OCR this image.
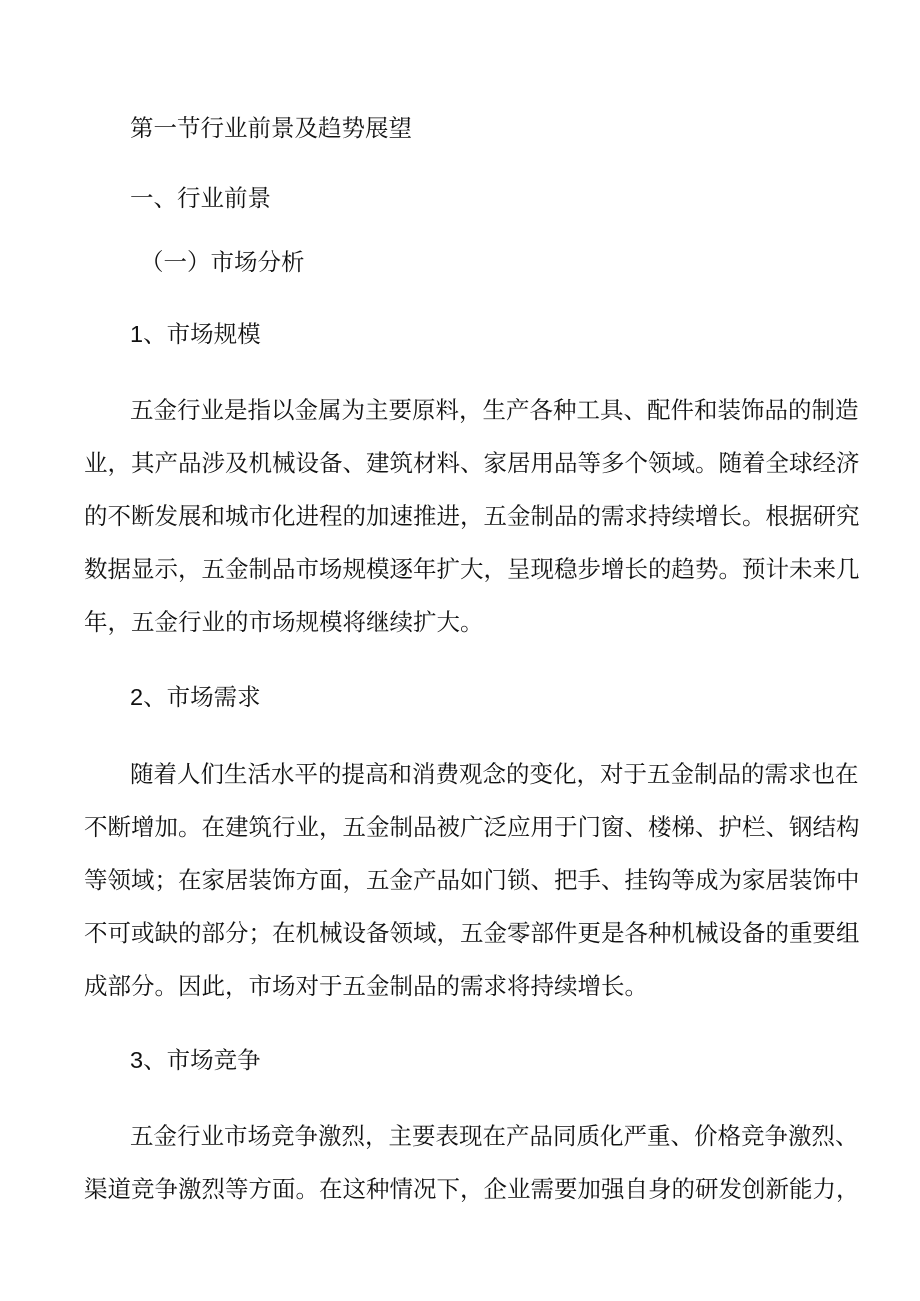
第一节行业前景及趋势展望

一、行业前景

（一）市场分析

1、市场规模

五金行业是指以金属为主要原料，生产各种工具、配件和装饰品的制造

业，其产品涉及机械设备、建筑材料、家居用品等多个领域。随着全球经济

的不断发展和城市化进程的加速推进，五金制品的需求持续增长。根据研究

数据显示，五金制品市场规模逐年扩大，呈现稳步增长的趋势。预计未来几

年，五金行业的市场规模将继续扩大。

2、市场需求

随着人们生活水平的提高和消费观念的变化，对于五金制品的需求也在

不断增加。在建筑行业，五金制品被广泛应用于门窗、楼梯、护栏、钢结构

等领域；在家居装饰方面，五金产品如门锁、把手、挂钩等成为家居装饰中

不可或缺的部分；在机械设备领域，五金零部件更是各种机械设备的重要组

成部分。因此，市场对于五金制品的需求将持续增长。

3、市场竞争

五金行业市场竞争激烈，主要表现在产品同质化严重、价格竞争激烈、

渠道竞争激烈等方面。在这种情况下，企业需要加强自身的研发创新能力，
